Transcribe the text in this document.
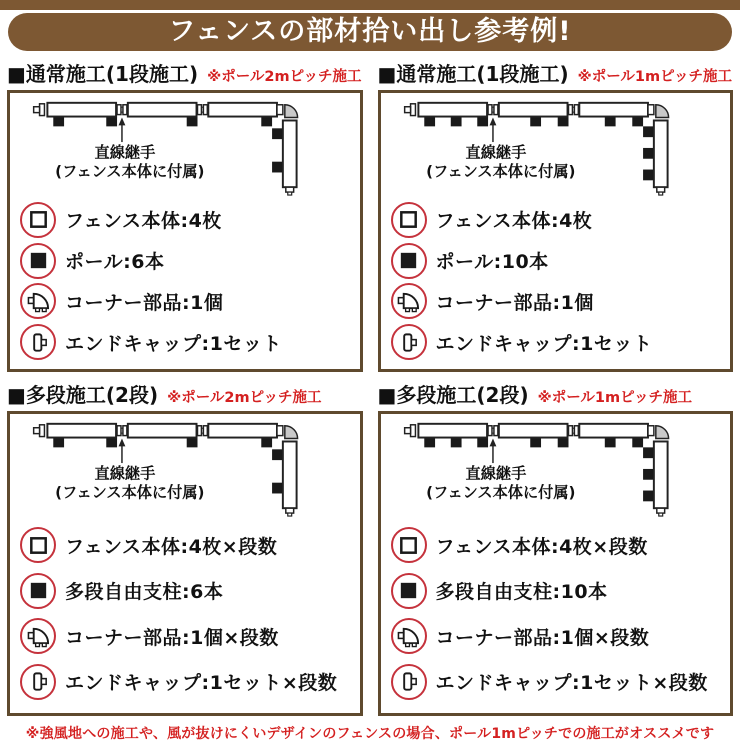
フェンスの部材拾い出し参考例!
■通常施工(1段施工) ※ポール2mピッチ施工
直線継手
(フェンス本体に付属)
フェンス本体:4枚
ポール:6本
コーナー部品:1個
エンドキャップ:1セット
■通常施工(1段施工) ※ポール1mピッチ施工
直線継手
(フェンス本体に付属)
フェンス本体:4枚
ポール:10本
コーナー部品:1個
エンドキャップ:1セット
■多段施工(2段) ※ポール2mピッチ施工
直線継手
(フェンス本体に付属)
フェンス本体:4枚×段数
多段自由支柱:6本
コーナー部品:1個×段数
エンドキャップ:1セット×段数
■多段施工(2段) ※ポール1mピッチ施工
直線継手
(フェンス本体に付属)
フェンス本体:4枚×段数
多段自由支柱:10本
コーナー部品:1個×段数
エンドキャップ:1セット×段数
※強風地への施工や、風が抜けにくいデザインのフェンスの場合、ポール1mピッチでの施工がオススメです
